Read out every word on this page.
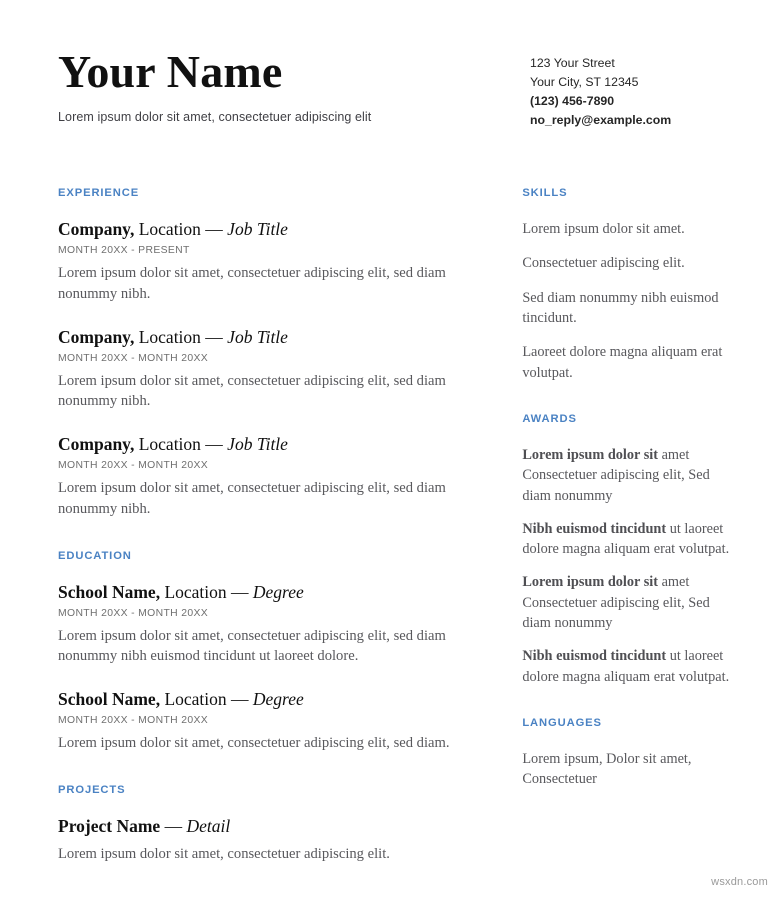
Your Name
Lorem ipsum dolor sit amet, consectetuer adipiscing elit
123 Your Street
Your City, ST 12345
(123) 456-7890
no_reply@example.com
EXPERIENCE
Company, Location — Job Title
MONTH 20XX - PRESENT
Lorem ipsum dolor sit amet, consectetuer adipiscing elit, sed diam nonummy nibh.
Company, Location — Job Title
MONTH 20XX - MONTH 20XX
Lorem ipsum dolor sit amet, consectetuer adipiscing elit, sed diam nonummy nibh.
Company, Location — Job Title
MONTH 20XX - MONTH 20XX
Lorem ipsum dolor sit amet, consectetuer adipiscing elit, sed diam nonummy nibh.
EDUCATION
School Name, Location — Degree
MONTH 20XX - MONTH 20XX
Lorem ipsum dolor sit amet, consectetuer adipiscing elit, sed diam nonummy nibh euismod tincidunt ut laoreet dolore.
School Name, Location — Degree
MONTH 20XX - MONTH 20XX
Lorem ipsum dolor sit amet, consectetuer adipiscing elit, sed diam.
PROJECTS
Project Name — Detail
Lorem ipsum dolor sit amet, consectetuer adipiscing elit.
SKILLS
Lorem ipsum dolor sit amet.
Consectetuer adipiscing elit.
Sed diam nonummy nibh euismod tincidunt.
Laoreet dolore magna aliquam erat volutpat.
AWARDS
Lorem ipsum dolor sit amet Consectetuer adipiscing elit, Sed diam nonummy
Nibh euismod tincidunt ut laoreet dolore magna aliquam erat volutpat.
Lorem ipsum dolor sit amet Consectetuer adipiscing elit, Sed diam nonummy
Nibh euismod tincidunt ut laoreet dolore magna aliquam erat volutpat.
LANGUAGES
Lorem ipsum, Dolor sit amet, Consectetuer
wsxdn.com
